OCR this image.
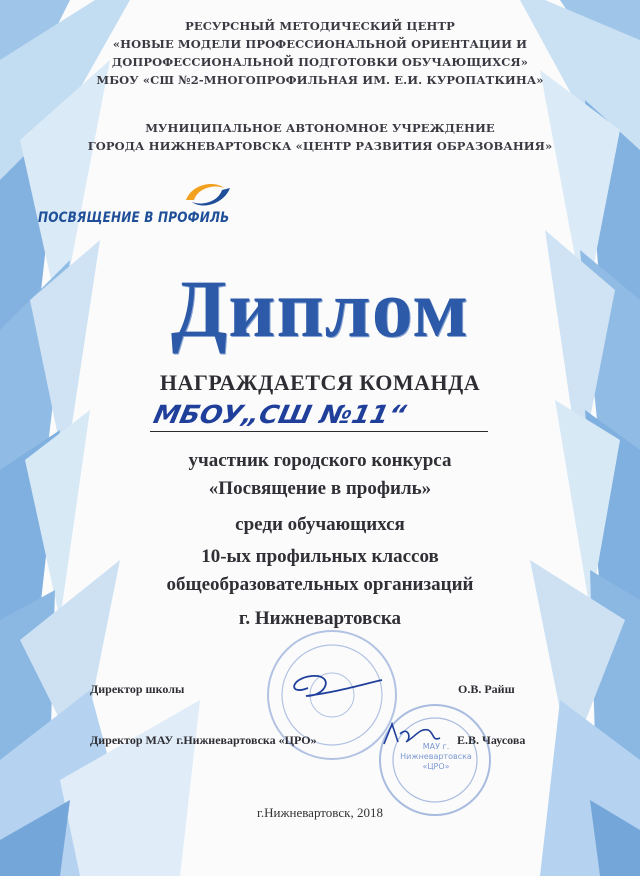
РЕСУРСНЫЙ МЕТОДИЧЕСКИЙ ЦЕНТР
«НОВЫЕ МОДЕЛИ ПРОФЕССИОНАЛЬНОЙ ОРИЕНТАЦИИ И
ДОПРОФЕССИОНАЛЬНОЙ ПОДГОТОВКИ ОБУЧАЮЩИХСЯ»
МБОУ «СШ №2-МНОГОПРОФИЛЬНАЯ ИМ. Е.И. КУРОПАТКИНА»
МУНИЦИПАЛЬНОЕ АВТОНОМНОЕ УЧРЕЖДЕНИЕ
ГОРОДА НИЖНЕВАРТОВСКА «ЦЕНТР РАЗВИТИЯ ОБРАЗОВАНИЯ»
ПОСВЯЩЕНИЕ В ПРОФИЛЬ
Диплом
НАГРАЖДАЕТСЯ КОМАНДА
МБОУ„СШ №11“
участник городского конкурса
«Посвящение в профиль»
среди обучающихся
10-ых профильных классов
общеобразовательных организаций
г. Нижневартовска
МАУ г. Нижневартовска «ЦРО»
Директор школы	О.В. Райш
Директор МАУ г.Нижневартовска «ЦРО»	Е.В. Чаусова
г.Нижневартовск, 2018
